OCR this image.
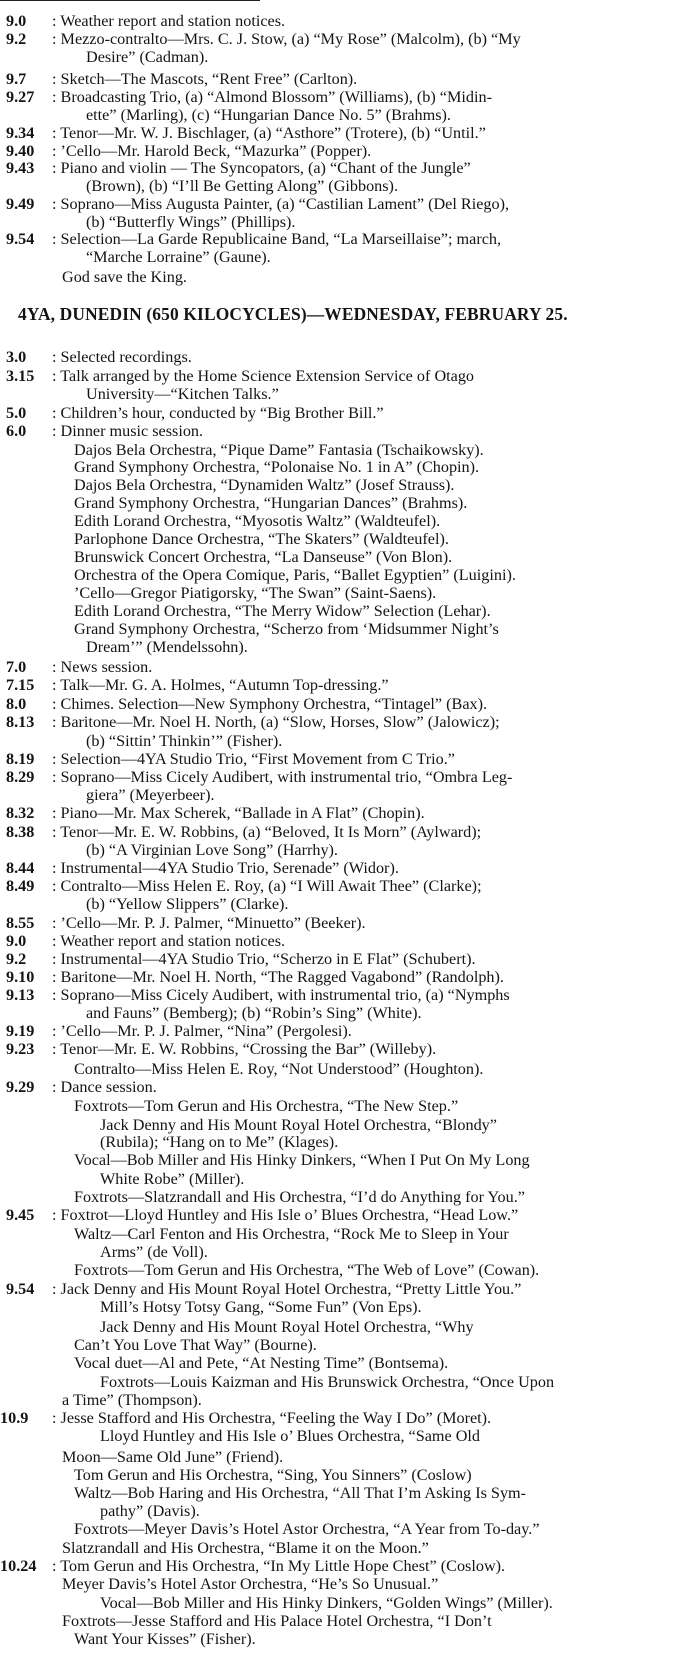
9.0 : Weather report and station notices.
9.2 : Mezzo-contralto—Mrs. C. J. Stow, (a) “My Rose” (Malcolm), (b) “My
Desire” (Cadman).
9.7 : Sketch—The Mascots, “Rent Free” (Carlton).
9.27 : Broadcasting Trio, (a) “Almond Blossom” (Williams), (b) “Midin-
ette” (Marling), (c) “Hungarian Dance No. 5” (Brahms).
9.34 : Tenor—Mr. W. J. Bischlager, (a) “Asthore” (Trotere), (b) “Until.”
9.40 : ’Cello—Mr. Harold Beck, “Mazurka” (Popper).
9.43 : Piano and violin — The Syncopators, (a) “Chant of the Jungle”
(Brown), (b) “I’ll Be Getting Along” (Gibbons).
9.49 : Soprano—Miss Augusta Painter, (a) “Castilian Lament” (Del Riego),
(b) “Butterfly Wings” (Phillips).
9.54 : Selection—La Garde Republicaine Band, “La Marseillaise”; march,
“Marche Lorraine” (Gaune).
God save the King.
4YA, DUNEDIN (650 KILOCYCLES)—WEDNESDAY, FEBRUARY 25.
3.0 : Selected recordings.
3.15 : Talk arranged by the Home Science Extension Service of Otago
University—“Kitchen Talks.”
5.0 : Children’s hour, conducted by “Big Brother Bill.”
6.0 : Dinner music session.
Dajos Bela Orchestra, “Pique Dame” Fantasia (Tschaikowsky).
Grand Symphony Orchestra, “Polonaise No. 1 in A” (Chopin).
Dajos Bela Orchestra, “Dynamiden Waltz” (Josef Strauss).
Grand Symphony Orchestra, “Hungarian Dances” (Brahms).
Edith Lorand Orchestra, “Myosotis Waltz” (Waldteufel).
Parlophone Dance Orchestra, “The Skaters” (Waldteufel).
Brunswick Concert Orchestra, “La Danseuse” (Von Blon).
Orchestra of the Opera Comique, Paris, “Ballet Egyptien” (Luigini).
’Cello—Gregor Piatigorsky, “The Swan” (Saint-Saens).
Edith Lorand Orchestra, “The Merry Widow” Selection (Lehar).
Grand Symphony Orchestra, “Scherzo from ‘Midsummer Night’s
Dream’” (Mendelssohn).
7.0 : News session.
7.15 : Talk—Mr. G. A. Holmes, “Autumn Top-dressing.”
8.0 : Chimes. Selection—New Symphony Orchestra, “Tintagel” (Bax).
8.13 : Baritone—Mr. Noel H. North, (a) “Slow, Horses, Slow” (Jalowicz);
(b) “Sittin’ Thinkin’” (Fisher).
8.19 : Selection—4YA Studio Trio, “First Movement from C Trio.”
8.29 : Soprano—Miss Cicely Audibert, with instrumental trio, “Ombra Leg-
giera” (Meyerbeer).
8.32 : Piano—Mr. Max Scherek, “Ballade in A Flat” (Chopin).
8.38 : Tenor—Mr. E. W. Robbins, (a) “Beloved, It Is Morn” (Aylward);
(b) “A Virginian Love Song” (Harrhy).
8.44 : Instrumental—4YA Studio Trio, Serenade” (Widor).
8.49 : Contralto—Miss Helen E. Roy, (a) “I Will Await Thee” (Clarke);
(b) “Yellow Slippers” (Clarke).
8.55 : ’Cello—Mr. P. J. Palmer, “Minuetto” (Beeker).
9.0 : Weather report and station notices.
9.2 : Instrumental—4YA Studio Trio, “Scherzo in E Flat” (Schubert).
9.10 : Baritone—Mr. Noel H. North, “The Ragged Vagabond” (Randolph).
9.13 : Soprano—Miss Cicely Audibert, with instrumental trio, (a) “Nymphs
and Fauns” (Bemberg); (b) “Robin’s Sing” (White).
9.19 : ’Cello—Mr. P. J. Palmer, “Nina” (Pergolesi).
9.23 : Tenor—Mr. E. W. Robbins, “Crossing the Bar” (Willeby).
Contralto—Miss Helen E. Roy, “Not Understood” (Houghton).
9.29 : Dance session.
Foxtrots—Tom Gerun and His Orchestra, “The New Step.”
Jack Denny and His Mount Royal Hotel Orchestra, “Blondy”
(Rubila); “Hang on to Me” (Klages).
Vocal—Bob Miller and His Hinky Dinkers, “When I Put On My Long
White Robe” (Miller).
Foxtrots—Slatzrandall and His Orchestra, “I’d do Anything for You.”
9.45 : Foxtrot—Lloyd Huntley and His Isle o’ Blues Orchestra, “Head Low.”
Waltz—Carl Fenton and His Orchestra, “Rock Me to Sleep in Your
Arms” (de Voll).
Foxtrots—Tom Gerun and His Orchestra, “The Web of Love” (Cowan).
9.54 : Jack Denny and His Mount Royal Hotel Orchestra, “Pretty Little You.”
Mill’s Hotsy Totsy Gang, “Some Fun” (Von Eps).
Jack Denny and His Mount Royal Hotel Orchestra, “Why
Can’t You Love That Way” (Bourne).
Vocal duet—Al and Pete, “At Nesting Time” (Bontsema).
Foxtrots—Louis Kaizman and His Brunswick Orchestra, “Once Upon
a Time” (Thompson).
10.9 : Jesse Stafford and His Orchestra, “Feeling the Way I Do” (Moret).
Lloyd Huntley and His Isle o’ Blues Orchestra, “Same Old
Moon—Same Old June” (Friend).
Tom Gerun and His Orchestra, “Sing, You Sinners” (Coslow)
Waltz—Bob Haring and His Orchestra, “All That I’m Asking Is Sym-
pathy” (Davis).
Foxtrots—Meyer Davis’s Hotel Astor Orchestra, “A Year from To-day.”
Slatzrandall and His Orchestra, “Blame it on the Moon.”
10.24 : Tom Gerun and His Orchestra, “In My Little Hope Chest” (Coslow).
Meyer Davis’s Hotel Astor Orchestra, “He’s So Unusual.”
Vocal—Bob Miller and His Hinky Dinkers, “Golden Wings” (Miller).
Foxtrots—Jesse Stafford and His Palace Hotel Orchestra, “I Don’t
Want Your Kisses” (Fisher).
